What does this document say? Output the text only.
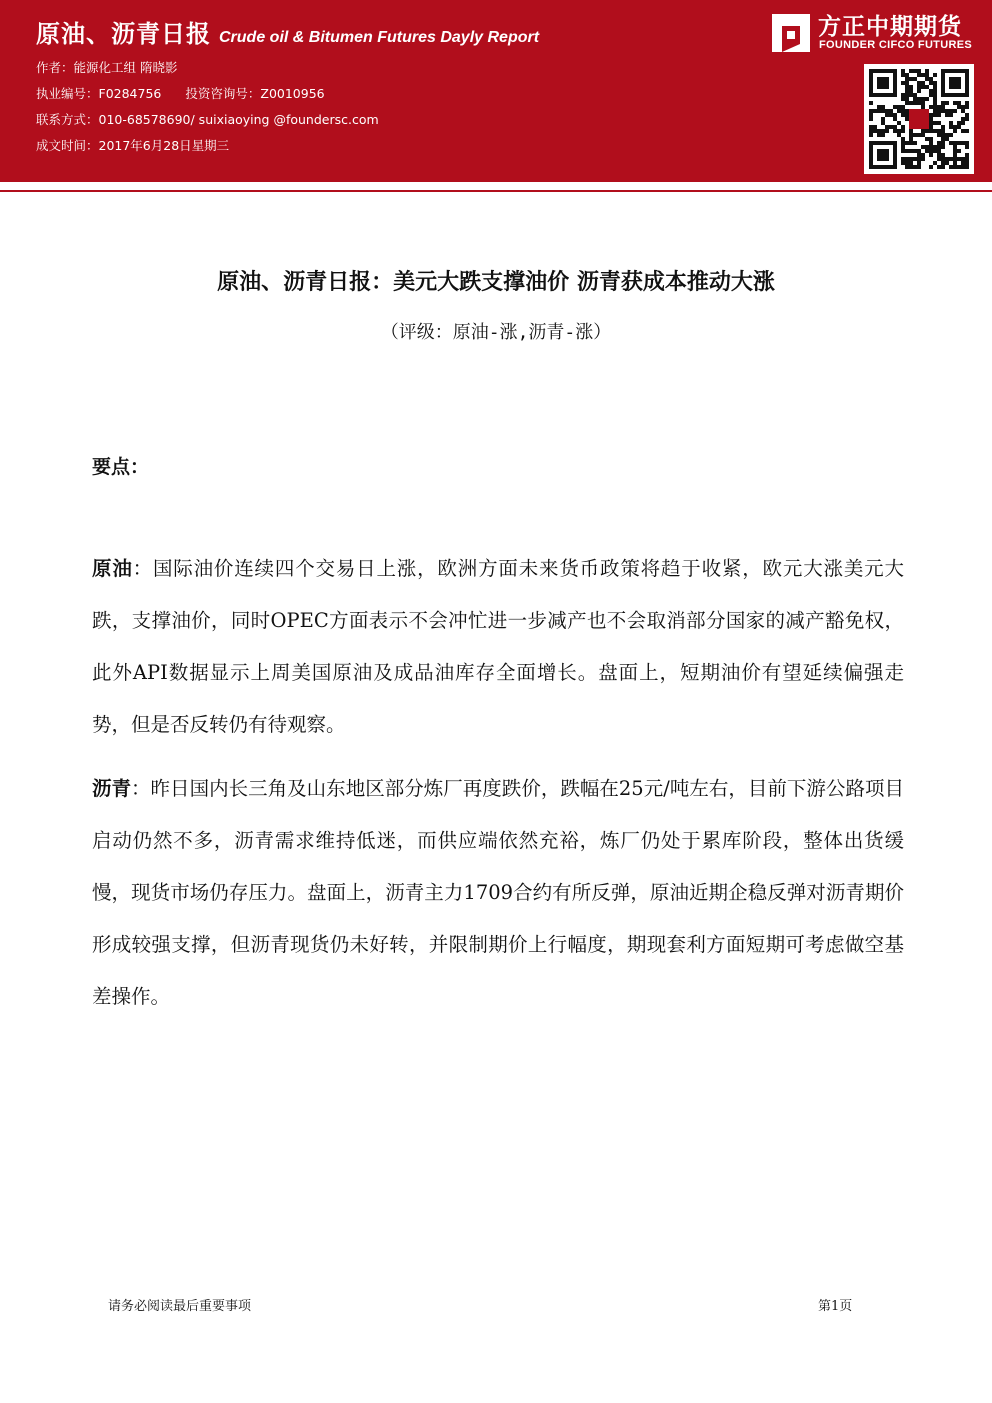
原油、沥青日报 Crude oil & Bitumen Futures Dayly Report
作者：能源化工组 隋晓影
执业编号：F0284756 投资咨询号：Z0010956
联系方式：010-68578690/ suixiaoying @foundersc.com
成文时间：2017年6月28日星期三
方正中期期货
FOUNDER CIFCO FUTURES
原油、沥青日报：美元大跌支撑油价 沥青获成本推动大涨
（评级：原油-涨,沥青-涨）
要点：
原油：国际油价连续四个交易日上涨，欧洲方面未来货币政策将趋于收紧，欧元大涨美元大跌，支撑油价，同时OPEC方面表示不会冲忙进一步减产也不会取消部分国家的减产豁免权，此外API数据显示上周美国原油及成品油库存全面增长。盘面上，短期油价有望延续偏强走势，但是否反转仍有待观察。
沥青：昨日国内长三角及山东地区部分炼厂再度跌价，跌幅在25元/吨左右，目前下游公路项目启动仍然不多，沥青需求维持低迷，而供应端依然充裕，炼厂仍处于累库阶段，整体出货缓慢，现货市场仍存压力。盘面上，沥青主力1709合约有所反弹，原油近期企稳反弹对沥青期价形成较强支撑，但沥青现货仍未好转，并限制期价上行幅度，期现套利方面短期可考虑做空基差操作。
请务必阅读最后重要事项	第1页
